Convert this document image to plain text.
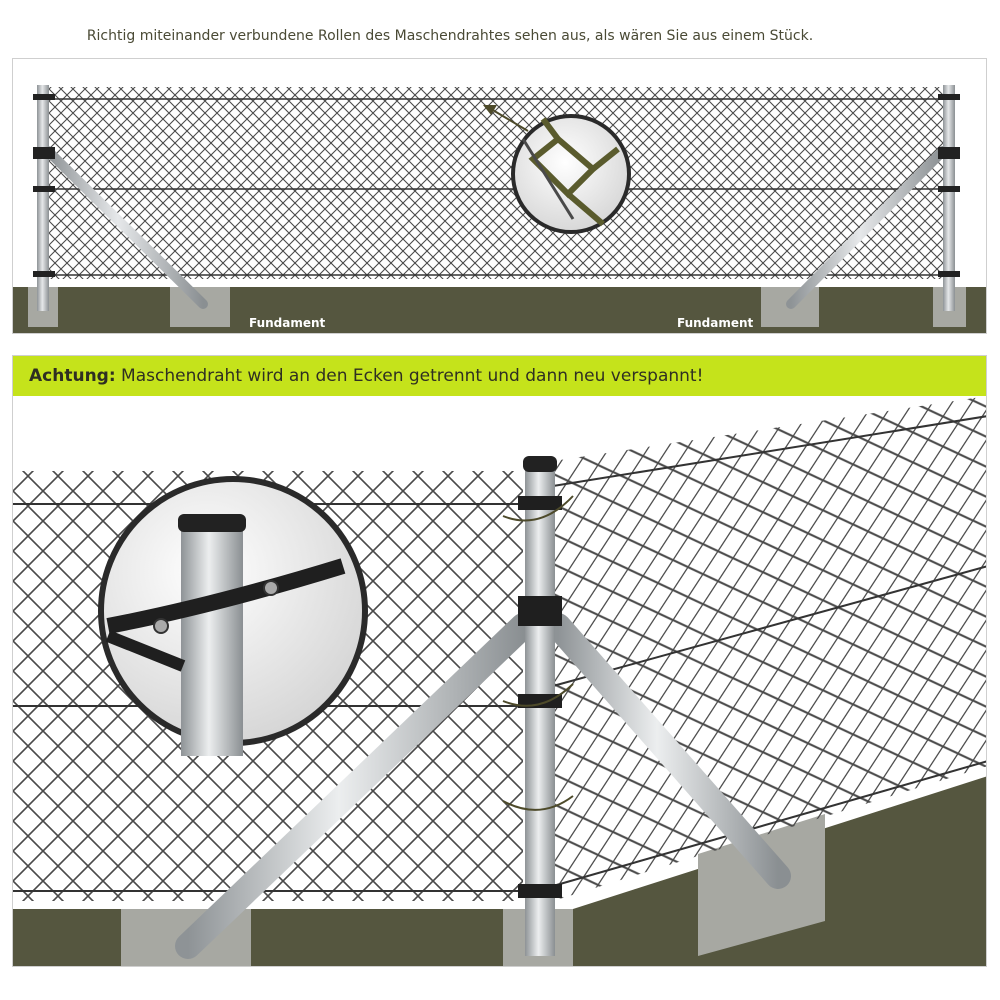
Richtig miteinander verbundene Rollen des Maschendrahtes sehen aus, als wären Sie aus einem Stück.
Fundament	Fundament
Achtung: Maschendraht wird an den Ecken getrennt und dann neu verspannt!
